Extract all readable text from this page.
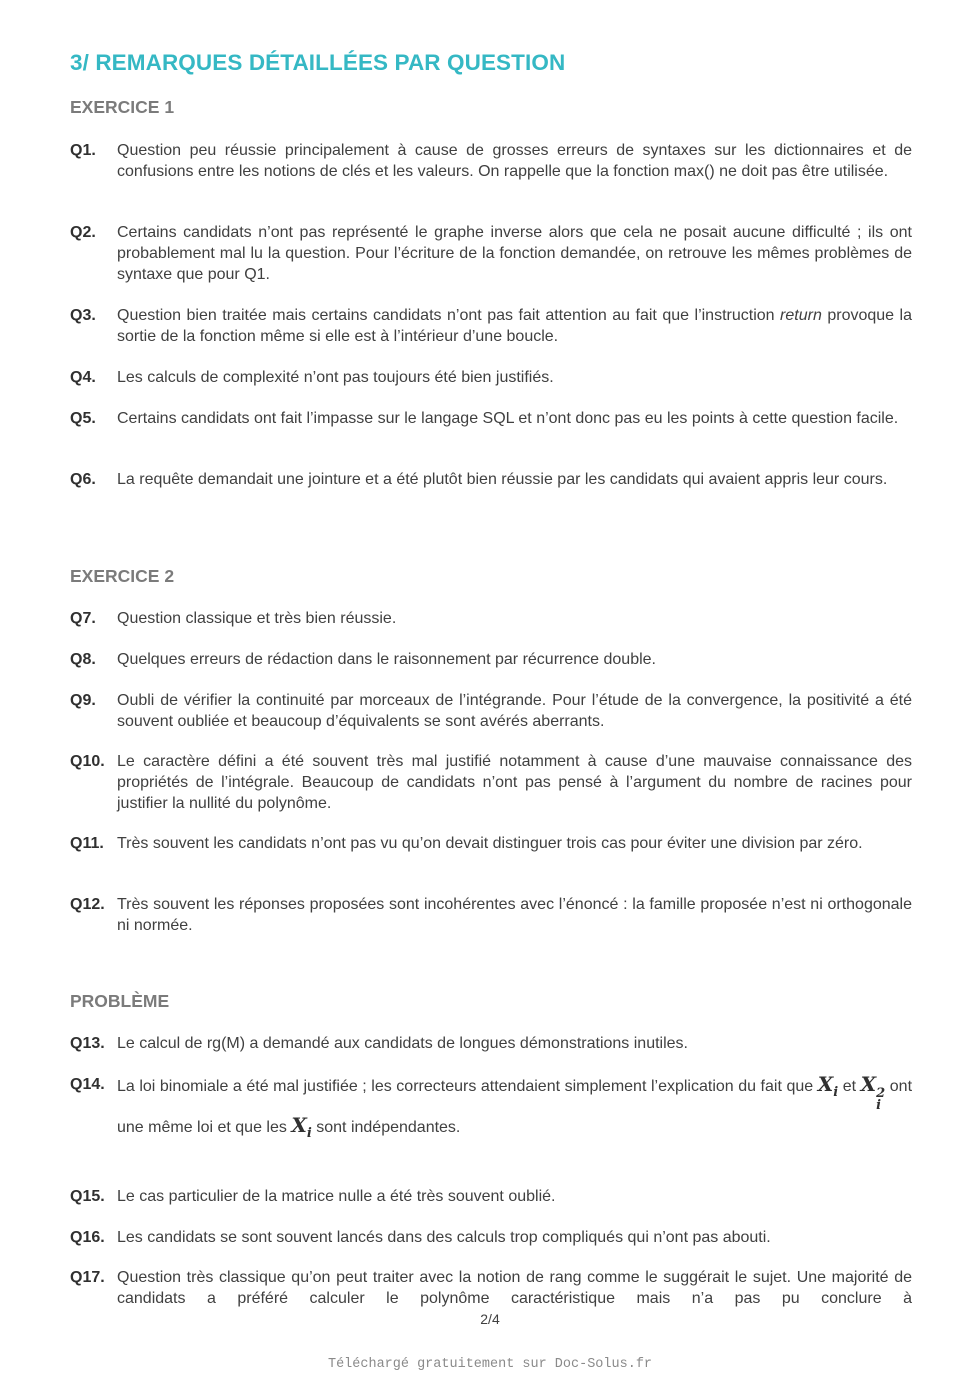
3/ REMARQUES DÉTAILLÉES PAR QUESTION
EXERCICE 1
Q1. Question peu réussie principalement à cause de grosses erreurs de syntaxes sur les dictionnaires et de confusions entre les notions de clés et les valeurs. On rappelle que la fonction max() ne doit pas être utilisée.
Q2. Certains candidats n’ont pas représenté le graphe inverse alors que cela ne posait aucune difficulté ; ils ont probablement mal lu la question. Pour l’écriture de la fonction demandée, on retrouve les mêmes problèmes de syntaxe que pour Q1.
Q3. Question bien traitée mais certains candidats n’ont pas fait attention au fait que l’instruction return provoque la sortie de la fonction même si elle est à l’intérieur d’une boucle.
Q4. Les calculs de complexité n’ont pas toujours été bien justifiés.
Q5. Certains candidats ont fait l’impasse sur le langage SQL et n’ont donc pas eu les points à cette question facile.
Q6. La requête demandait une jointure et a été plutôt bien réussie par les candidats qui avaient appris leur cours.
EXERCICE 2
Q7. Question classique et très bien réussie.
Q8. Quelques erreurs de rédaction dans le raisonnement par récurrence double.
Q9. Oubli de vérifier la continuité par morceaux de l’intégrande. Pour l’étude de la convergence, la positivité a été souvent oubliée et beaucoup d’équivalents se sont avérés aberrants.
Q10. Le caractère défini a été souvent très mal justifié notamment à cause d’une mauvaise connaissance des propriétés de l’intégrale. Beaucoup de candidats n’ont pas pensé à l’argument du nombre de racines pour justifier la nullité du polynôme.
Q11. Très souvent les candidats n’ont pas vu qu’on devait distinguer trois cas pour éviter une division par zéro.
Q12. Très souvent les réponses proposées sont incohérentes avec l’énoncé : la famille proposée n’est ni orthogonale ni normée.
PROBLÈME
Q13. Le calcul de rg(M) a demandé aux candidats de longues démonstrations inutiles.
Q14. La loi binomiale a été mal justifiée ; les correcteurs attendaient simplement l’explication du fait que $X_i$ et X 2
i
ont une même loi et que les $X_i$ sont indépendantes.
Q15. Le cas particulier de la matrice nulle a été très souvent oublié.
Q16. Les candidats se sont souvent lancés dans des calculs trop compliqués qui n’ont pas abouti.
Q17. Question très classique qu’on peut traiter avec la notion de rang comme le suggérait le sujet. Une majorité de candidats a préféré calculer le polynôme caractéristique mais n’a pas pu conclure à
2/4
Téléchargé gratuitement sur Doc-Solus.fr
